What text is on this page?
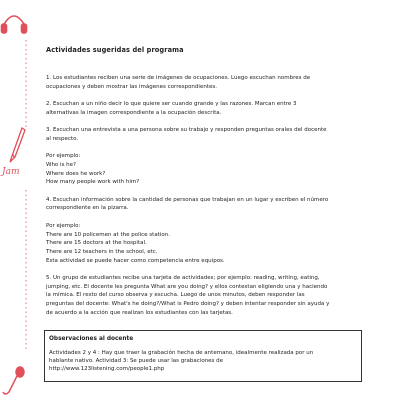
Jam
Actividades sugeridas del programa
1. Los estudiantes reciben una serie de imágenes de ocupaciones. Luego escuchan nombres de
ocupaciones y deben mostrar las imágenes correspondientes.
2. Escuchan a un niño decir lo que quiere ser cuando grande y las razones. Marcan entre 3
alternativas la imagen correspondiente a la ocupación descrita.
3. Escuchan una entrevista a una persona sobre su trabajo y responden preguntas orales del docente
al respecto.
Por ejemplo:
Who is he?
Where does he work?
How many people work with him?
4. Escuchan información sobre la cantidad de personas que trabajan en un lugar y escriben el número
correspondiente en la pizarra.
Por ejemplo:
There are 10 policemen at the police station.
There are 15 doctors at the hospital.
There are 12 teachers in the school, etc.
Esta actividad se puede hacer como competencia entre equipos.
5. Un grupo de estudiantes recibe una tarjeta de actividades; por ejemplo: reading, writing, eating,
jumping, etc. El docente les pregunta What are you doing? y ellos contestan eligiendo una y haciendo
la mímica. El resto del curso observa y escucha. Luego de unos minutos, deben responder las
preguntas del docente: What's he doing?/What is Pedro doing? y deben intentar responder sin ayuda y
de acuerdo a la acción que realizan los estudiantes con las tarjetas.
Observaciones al docente

Actividades 2 y 4 : Hay que traer la grabación hecha de antemano, idealmente realizada por un
hablante nativo. Actividad 3: Se puede usar las grabaciones de
http://www.123listening.com/people1.php
